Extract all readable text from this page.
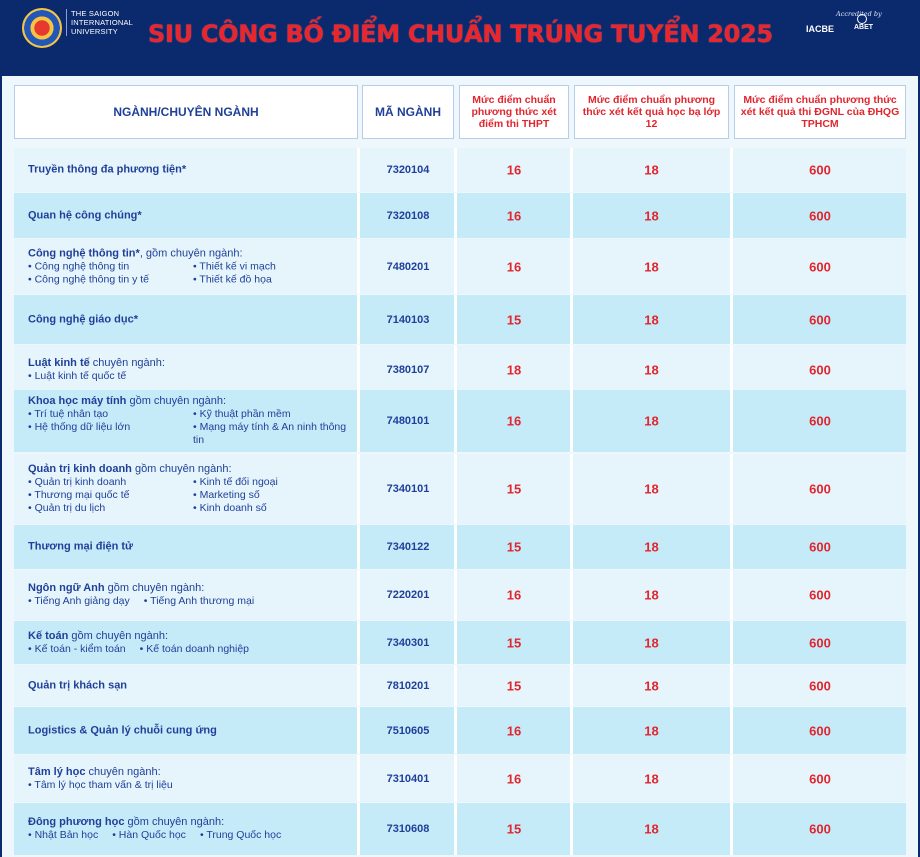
THE SAIGON INTERNATIONAL UNIVERSITY	SIU CÔNG BỐ ĐIỂM CHUẨN TRÚNG TUYỂN 2025
Accredited by
IACBE	ABET
NGÀNH/CHUYÊN NGÀNH	MÃ NGÀNH
Mức điểm chuẩn phương thức xét điểm thi THPT
Mức điểm chuẩn phương thức xét kết quả học bạ lớp 12
Mức điểm chuẩn phương thức xét kết quả thi ĐGNL của ĐHQG TPHCM
Truyền thông đa phương tiện*	7320104	16	18	600
Quan hệ công chúng*	7320108	16	18	600
Công nghệ thông tin*, gồm chuyên ngành:
• Công nghệ thông tin	• Thiết kế vi mạch
• Công nghệ thông tin y tế	• Thiết kế đồ họa
7480201	16	18	600
Công nghệ giáo dục*	7140103	15	18	600
Luật kinh tế chuyên ngành:
• Luật kinh tế quốc tế	7380107	18	18	600
Khoa học máy tính gồm chuyên ngành:
• Trí tuệ nhân tạo	• Kỹ thuật phần mềm
• Hệ thống dữ liệu lớn	• Mạng máy tính & An ninh thông tin
7480101	16	18	600
Quản trị kinh doanh gồm chuyên ngành:
• Quản trị kinh doanh	• Kinh tế đối ngoại
• Thương mại quốc tế	• Marketing số
• Quản trị du lịch	• Kinh doanh số
7340101	15	18	600
Thương mại điện tử	7340122	15	18	600
Ngôn ngữ Anh gồm chuyên ngành:
• Tiếng Anh giảng dạy • Tiếng Anh thương mại	7220201	16	18	600
Kế toán gồm chuyên ngành:
• Kế toán - kiểm toán • Kế toán doanh nghiệp	7340301	15	18	600
Quản trị khách sạn	7810201	15	18	600
Logistics & Quản lý chuỗi cung ứng	7510605	16	18	600
Tâm lý học chuyên ngành:
• Tâm lý học tham vấn & trị liệu	7310401	16	18	600
Đông phương học gồm chuyên ngành:
• Nhật Bản học • Hàn Quốc học • Trung Quốc học	7310608	15	18	600
